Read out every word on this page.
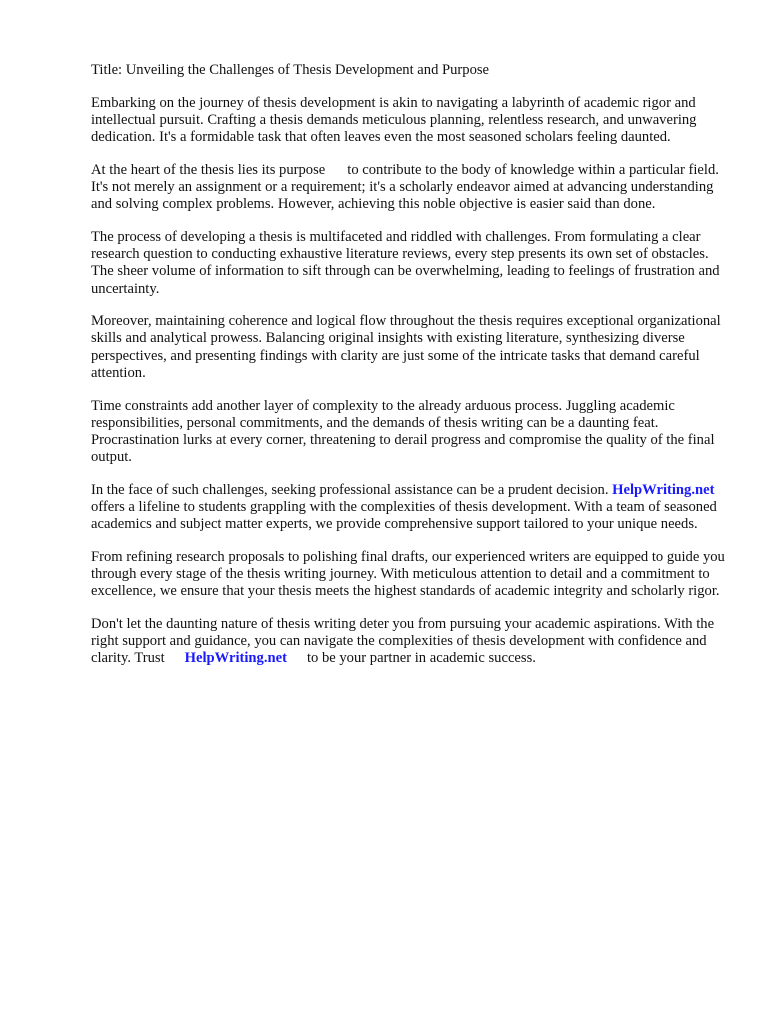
Title: Unveiling the Challenges of Thesis Development and Purpose

Embarking on the journey of thesis development is akin to navigating a labyrinth of academic rigor and intellectual pursuit. Crafting a thesis demands meticulous planning, relentless research, and unwavering dedication. It's a formidable task that often leaves even the most seasoned scholars feeling daunted.

At the heart of the thesis lies its purpose to contribute to the body of knowledge within a particular field. It's not merely an assignment or a requirement; it's a scholarly endeavor aimed at advancing understanding and solving complex problems. However, achieving this noble objective is easier said than done.

The process of developing a thesis is multifaceted and riddled with challenges. From formulating a clear research question to conducting exhaustive literature reviews, every step presents its own set of obstacles. The sheer volume of information to sift through can be overwhelming, leading to feelings of frustration and uncertainty.

Moreover, maintaining coherence and logical flow throughout the thesis requires exceptional organizational skills and analytical prowess. Balancing original insights with existing literature, synthesizing diverse perspectives, and presenting findings with clarity are just some of the intricate tasks that demand careful attention.

Time constraints add another layer of complexity to the already arduous process. Juggling academic responsibilities, personal commitments, and the demands of thesis writing can be a daunting feat. Procrastination lurks at every corner, threatening to derail progress and compromise the quality of the final output.

In the face of such challenges, seeking professional assistance can be a prudent decision. HelpWriting.netoffers a lifeline to students grappling with the complexities of thesis development. With a team of seasoned academics and subject matter experts, we provide comprehensive support tailored to your unique needs.

From refining research proposals to polishing final drafts, our experienced writers are equipped to guide you through every stage of the thesis writing journey. With meticulous attention to detail and a commitment to excellence, we ensure that your thesis meets the highest standards of academic integrity and scholarly rigor.

Don't let the daunting nature of thesis writing deter you from pursuing your academic aspirations. With the right support and guidance, you can navigate the complexities of thesis development with confidence and clarity. Trust HelpWriting.net to be your partner in academic success.
